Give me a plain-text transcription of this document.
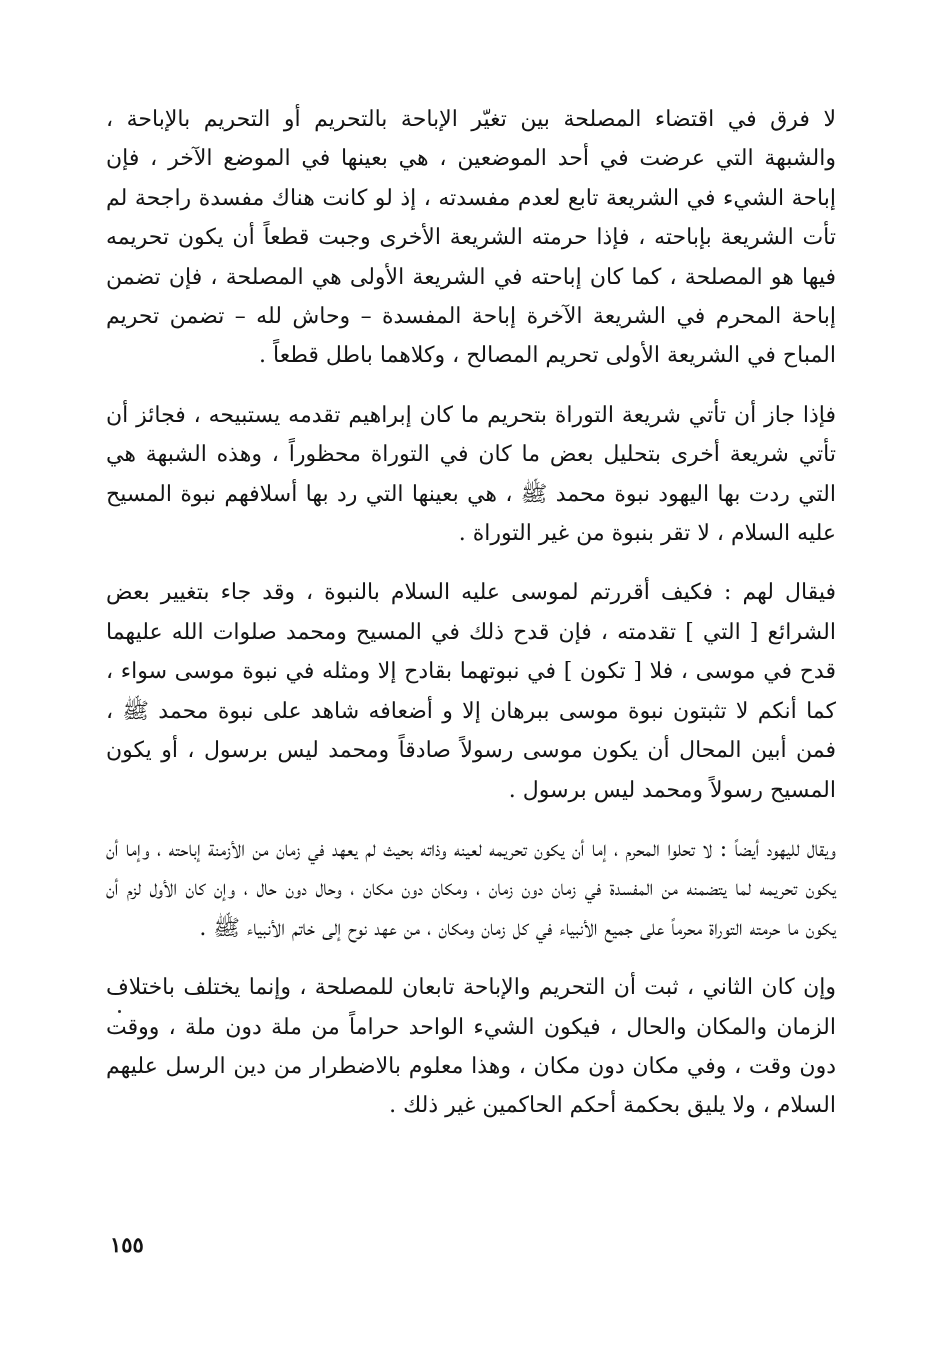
لا فرق في اقتضاء المصلحة بين تغيّر الإباحة بالتحريم أو التحريم بالإباحة ، والشبهة التي عرضت في أحد الموضعين ، هي بعينها في الموضع الآخر ، فإن إباحة الشيء في الشريعة تابع لعدم مفسدته ، إذ لو كانت هناك مفسدة راجحة لم تأت الشريعة بإباحته ، فإذا حرمته الشريعة الأخرى وجبت قطعاً أن يكون تحريمه فيها هو المصلحة ، كما كان إباحته في الشريعة الأولى هي المصلحة ، فإن تضمن إباحة المحرم في الشريعة الآخرة إباحة المفسدة – وحاش لله – تضمن تحريم المباح في الشريعة الأولى تحريم المصالح ، وكلاهما باطل قطعاً .

فإذا جاز أن تأتي شريعة التوراة بتحريم ما كان إبراهيم تقدمه يستبيحه ، فجائز أن تأتي شريعة أخرى بتحليل بعض ما كان في التوراة محظوراً ، وهذه الشبهة هي التي ردت بها اليهود نبوة محمد ﷺ ، هي بعينها التي رد بها أسلافهم نبوة المسيح عليه السلام ، لا تقر بنبوة من غير التوراة .

فيقال لهم : فكيف أقررتم لموسى عليه السلام بالنبوة ، وقد جاء بتغيير بعض الشرائع [ التي ] تقدمته ، فإن قدح ذلك في المسيح ومحمد صلوات الله عليهما قدح في موسى ، فلا [ تكون ] في نبوتهما بقادح إلا ومثله في نبوة موسى سواء ، كما أنكم لا تثبتون نبوة موسى ببرهان إلا و أضعافه شاهد على نبوة محمد ﷺ ، فمن أبين المحال أن يكون موسى رسولاً صادقاً ومحمد ليس برسول ، أو يكون المسيح رسولاً ومحمد ليس برسول .

ويقال لليهود أيضاً : لا تحلوا المحرم ، إما أن يكون تحريمه لعينه وذاته بحيث لم يعهد في زمان من الأزمنة إباحته ، وإما أن يكون تحريمه لما يتضمنه من المفسدة في زمان دون زمان ، ومكان دون مكان ، وحال دون حال ، وإن كان الأول لزم أن يكون ما حرمته التوراة محرماً على جميع الأنبياء في كل زمان ومكان ، من عهد نوح إلى خاتم الأنبياء ﷺ .

وإن كان الثاني ، ثبت أن التحريم والإباحة تابعان للمصلحة ، وإنما يختلف باختلاف الزمان والمكان والحال ، فيكون الشيء الواحد حراماً من ملة دون ملة ، ووقت دون وقت ، وفي مكان دون مكان ، وهذا معلوم بالاضطرار من دين الرسل عليهم السلام ، ولا يليق بحكمة أحكم الحاكمين غير ذلك .

١٥٥
